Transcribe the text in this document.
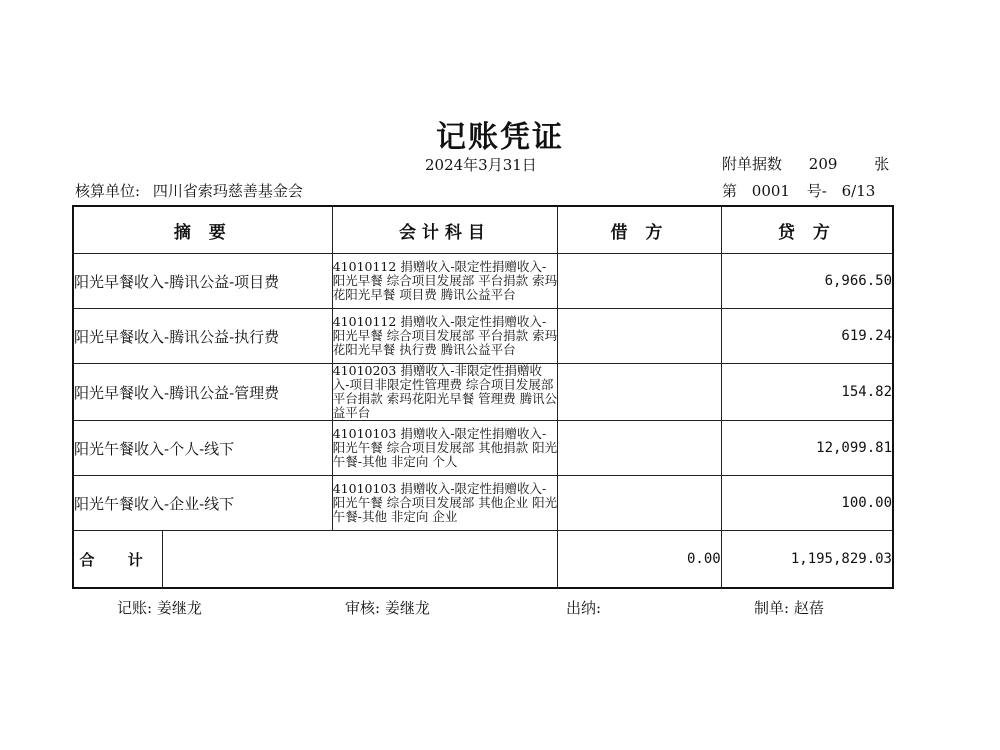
记账凭证
2024年3月31日	附单据数 209 张
核算单位: 四川省索玛慈善基金会	第 0001 号- 6/13
摘 要		会计科目	借 方	贷 方
阳光早餐收入-腾讯公益-项目费		41010112 捐赠收入-限定性捐赠收入-阳光早餐 综合项目发展部 平台捐款 索玛花阳光早餐 项目费 腾讯公益平台		6,966.50
阳光早餐收入-腾讯公益-执行费		41010112 捐赠收入-限定性捐赠收入-阳光早餐 综合项目发展部 平台捐款 索玛花阳光早餐 执行费 腾讯公益平台		619.24
阳光早餐收入-腾讯公益-管理费		41010203 捐赠收入-非限定性捐赠收入-项目非限定性管理费 综合项目发展部 平台捐款 索玛花阳光早餐 管理费 腾讯公益平台		154.82
阳光午餐收入-个人-线下		41010103 捐赠收入-限定性捐赠收入-阳光午餐 综合项目发展部 其他捐款 阳光午餐-其他 非定向 个人		12,099.81
阳光午餐收入-企业-线下		41010103 捐赠收入-限定性捐赠收入-阳光午餐 综合项目发展部 其他企业 阳光午餐-其他 非定向 企业		100.00
合 计			0.00	1,195,829.03
记账: 姜继龙	审核: 姜继龙	出纳:	制单: 赵蓓
